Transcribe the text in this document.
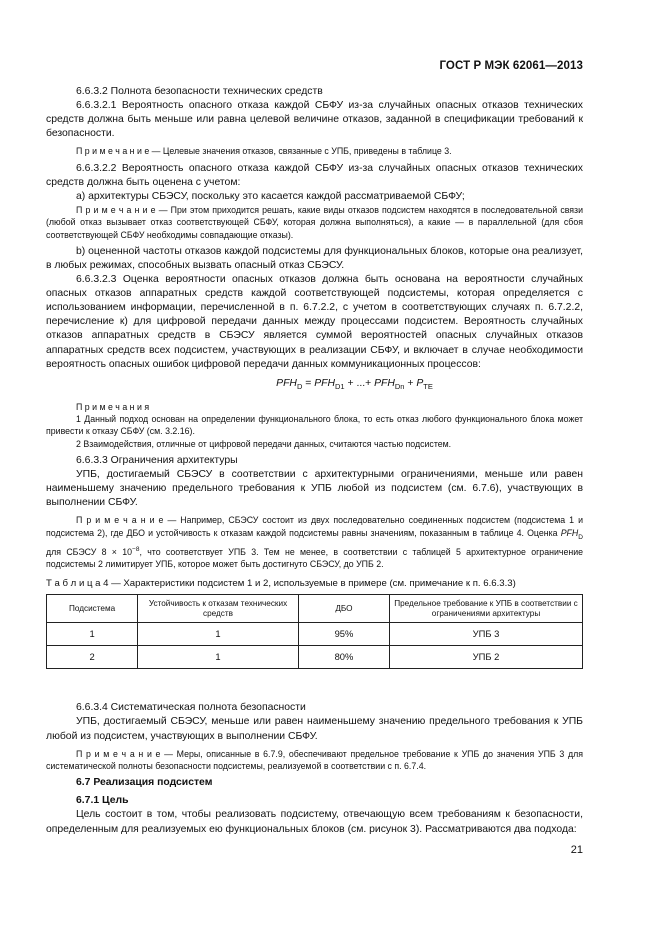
ГОСТ Р МЭК 62061—2013

6.6.3.2 Полнота безопасности технических средств

6.6.3.2.1 Вероятность опасного отказа каждой СБФУ из-за случайных опасных отказов технических средств должна быть меньше или равна целевой величине отказов, заданной в спецификации требований к безопасности.

П р и м е ч а н и е — Целевые значения отказов, связанные с УПБ, приведены в таблице 3.

6.6.3.2.2 Вероятность опасного отказа каждой СБФУ из-за случайных опасных отказов технических средств должна быть оценена с учетом:

а) архитектуры СБЭСУ, поскольку это касается каждой рассматриваемой СБФУ;

П р и м е ч а н и е — При этом приходится решать, какие виды отказов подсистем находятся в последовательной связи (любой отказ вызывает отказ соответствующей СБФУ, которая должна выполняться), а какие — в параллельной (для сбоя соответствующей СБФУ необходимы совпадающие отказы).

b) оцененной частоты отказов каждой подсистемы для функциональных блоков, которые она реализует, в любых режимах, способных вызвать опасный отказ СБЭСУ.

6.6.3.2.3 Оценка вероятности опасных отказов должна быть основана на вероятности случайных опасных отказов аппаратных средств каждой соответствующей подсистемы, которая определяется с использованием информации, перечисленной в п. 6.7.2.2, с учетом в соответствующих случаях п. 6.7.2.2, перечисление к) для цифровой передачи данных между процессами подсистем. Вероятность случайных отказов аппаратных средств в СБЭСУ является суммой вероятностей опасных случайных отказов аппаратных средств всех подсистем, участвующих в реализации СБФУ, и включает в случае необходимости вероятность опасных ошибок цифровой передачи данных коммуникационных процессов:

$PFH_D = PFH_{D1}$ + ...+ $PFH_{Dn} + P_{TE}$

П р и м е ч а н и я

1 Данный подход основан на определении функционального блока, то есть отказ любого функционального блока может привести к отказу СБФУ (см. 3.2.16).

2 Взаимодействия, отличные от цифровой передачи данных, считаются частью подсистем.

6.6.3.3 Ограничения архитектуры

УПБ, достигаемый СБЭСУ в соответствии с архитектурными ограничениями, меньше или равен наименьшему значению предельного требования к УПБ любой из подсистем (см. 6.7.6), участвующих в выполнении СБФУ.

П р и м е ч а н и е — Например, СБЭСУ состоит из двух последовательно соединенных подсистем (подсистема 1 и подсистема 2), где ДБО и устойчивость к отказам каждой подсистемы равны значениям, показанным в таблице 4. Оценка $PFH_D$ для СБЭСУ $8 \times 10^{-8}$, что соответствует УПБ 3. Тем не менее, в соответствии с таблицей 5 архитектурное ограничение подсистемы 2 лимитирует УПБ, которое может быть достигнуто СБЭСУ, до УПБ 2.

Т а б л и ц а 4 — Характеристики подсистем 1 и 2, используемые в примере (см. примечание к п. 6.6.3.3)

Подсистема	Устойчивость к отказам технических средств	ДБО	Предельное требование к УПБ в соответствии с ограничениями архитектуры
1	1	95%	УПБ 3
2	1	80%	УПБ 2

6.6.3.4 Систематическая полнота безопасности

УПБ, достигаемый СБЭСУ, меньше или равен наименьшему значению предельного требования к УПБ любой из подсистем, участвующих в выполнении СБФУ.

П р и м е ч а н и е — Меры, описанные в 6.7.9, обеспечивают предельное требование к УПБ до значения УПБ 3 для систематической полноты безопасности подсистемы, реализуемой в соответствии с п. 6.7.4.

6.7 Реализация подсистем

6.7.1 Цель

Цель состоит в том, чтобы реализовать подсистему, отвечающую всем требованиям к безопасности, определенным для реализуемых ею функциональных блоков (см. рисунок 3). Рассматриваются два подхода:

21
